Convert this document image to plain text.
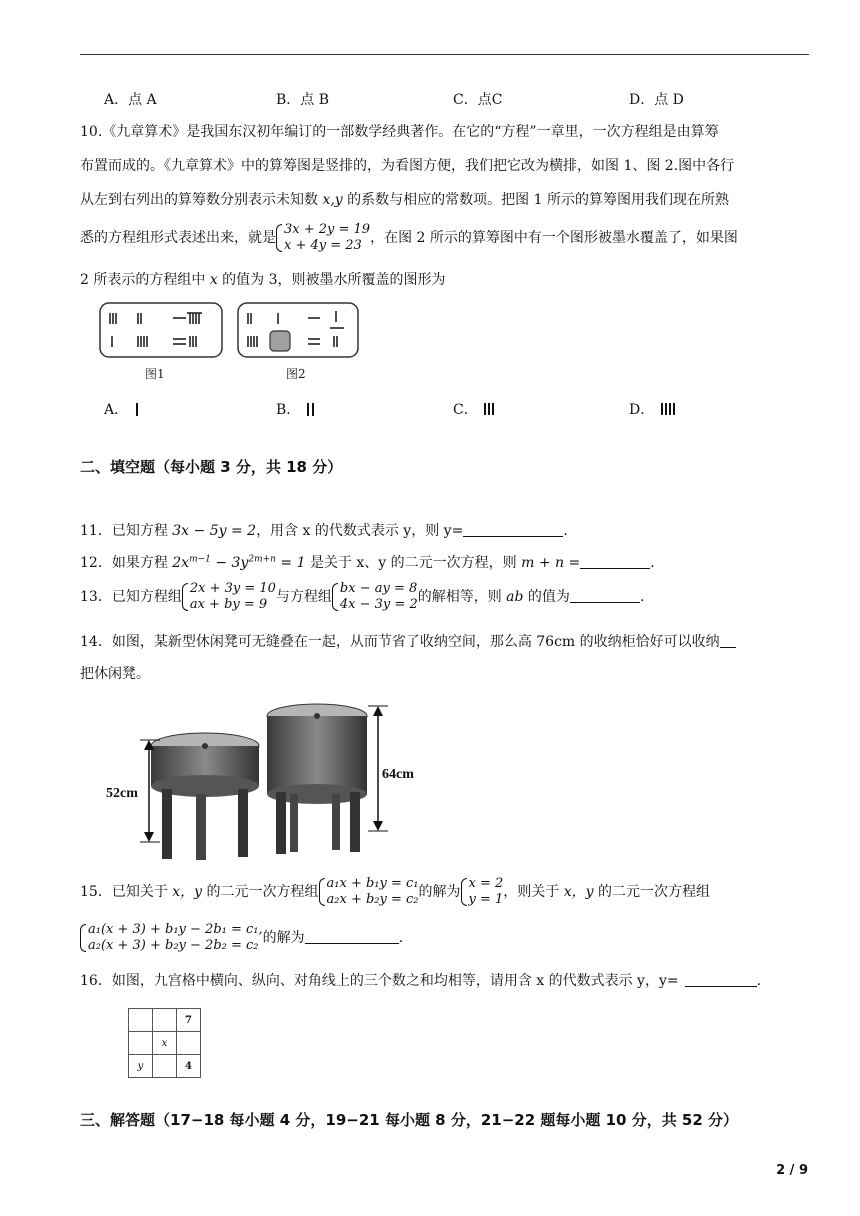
A．点 A	B．点 B	C．点C	D．点 D
10.《九章算术》是我国东汉初年编订的一部数学经典著作。在它的“方程”一章里，一次方程组是由算筹
布置而成的。《九章算术》中的算筹图是竖排的，为看图方便，我们把它改为横排，如图 1、图 2.图中各行
从左到右列出的算筹数分别表示未知数 x,y 的系数与相应的常数项。把图 1 所示的算筹图用我们现在所熟
悉的方程组形式表述出来，就是3x + 2y = 19
x + 4y = 23 ，在图 2 所示的算筹图中有一个图形被墨水覆盖了，如果图
2 所表示的方程组中 x 的值为 3，则被墨水所覆盖的图形为
图1	图2
A．	B．	C．	D．
二、填空题（每小题 3 分，共 18 分）
11．已知方程 3x − 5y = 2，用含 x 的代数式表示 y，则 y=	.
12．如果方程 $2x^{m-1} - 3y^{2m+n} = 1$ 是关于 x、y 的二元一次方程，则 m + n =	.
13．已知方程组2x + 3y = 10
ax + by = 9 与方程组bx − ay = 8
4x − 3y = 2的解相等，则 ab 的值为	.
14．如图，某新型休闲凳可无缝叠在一起，从而节省了收纳空间，那么高 76cm 的收纳柜恰好可以收纳
把休闲凳。
52cm
64cm
15．已知关于 x，y 的二元一次方程组a₁x + b₁y = c₁
a₂x + b₂y = c₂的解为x = 2
y = 1，则关于 x，y 的二元一次方程组
a₁(x + 3) + b₁y − 2b₁ = c₁,
a₂(x + 3) + b₂y − 2b₂ = c₂ 的解为	.
16．如图，九宫格中横向、纵向、对角线上的三个数之和均相等，请用含 x 的代数式表示 y，y=	.
		7
	x	
y		4
三、解答题（17−18 每小题 4 分，19−21 每小题 8 分，21−22 题每小题 10 分，共 52 分）
2 / 9
